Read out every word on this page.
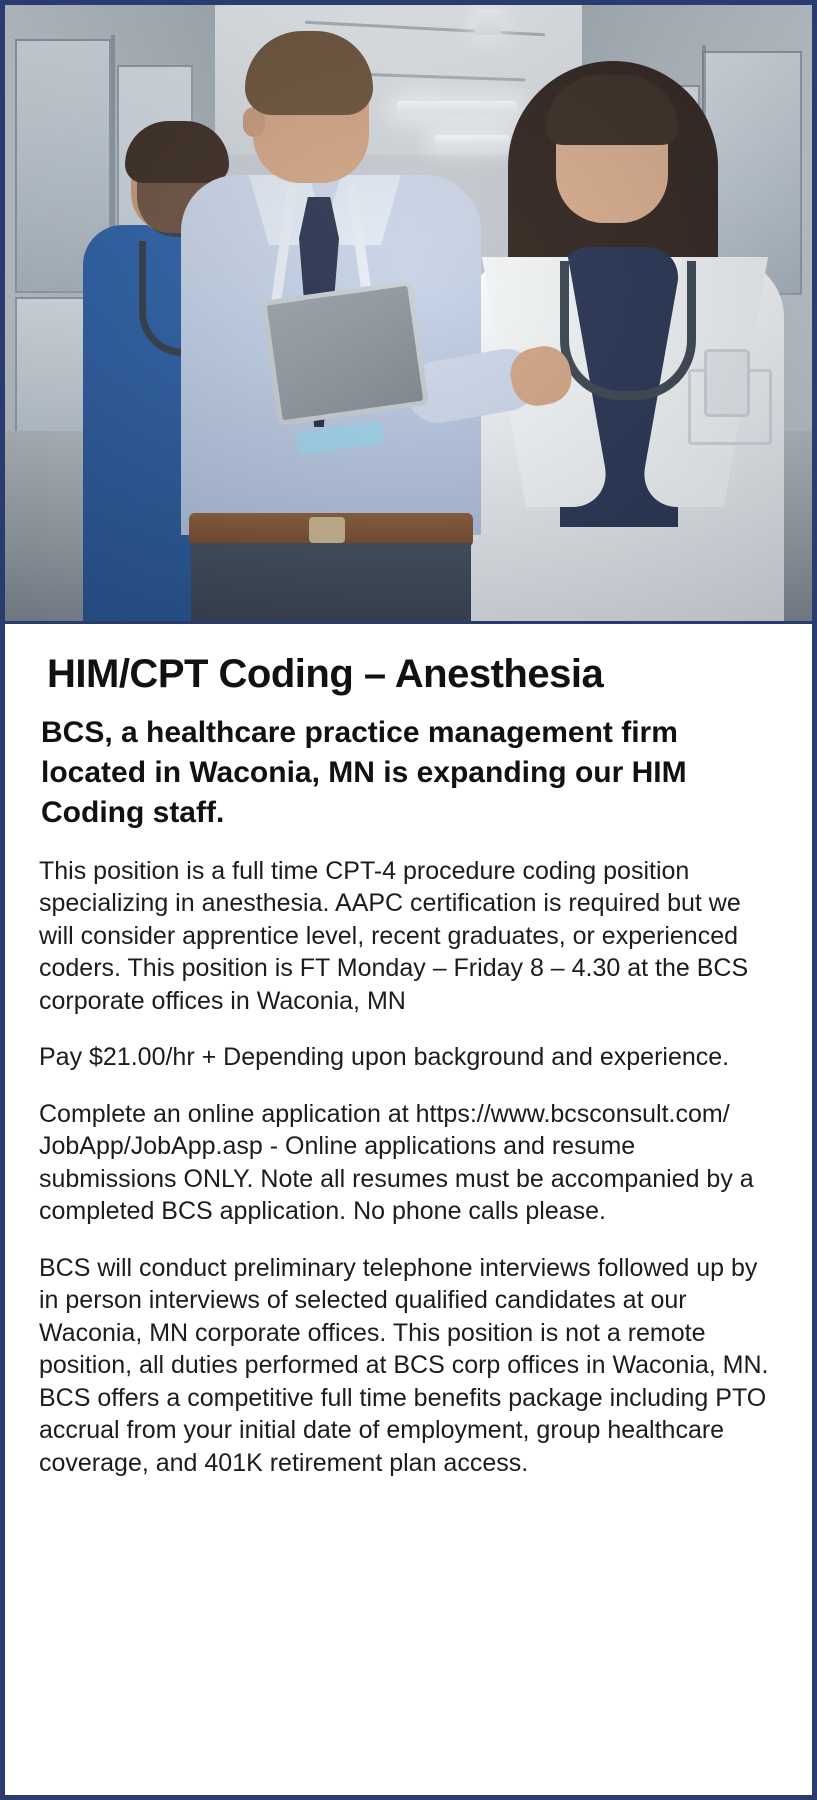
HIM/CPT Coding – Anesthesia
BCS, a healthcare practice management firm located in Waconia, MN is expanding our HIM Coding staff.

This position is a full time CPT-4 procedure coding position specializing in anesthesia. AAPC certification is required but we will consider apprentice level, recent graduates, or experienced coders. This position is FT Monday – Friday 8 – 4.30 at the BCS corporate offices in Waconia, MN

Pay $21.00/hr + Depending upon background and experience.

Complete an online application at https://www.bcsconsult.com/ JobApp/JobApp.asp - Online applications and resume submissions ONLY. Note all resumes must be accompanied by a completed BCS application. No phone calls please.

BCS will conduct preliminary telephone interviews followed up by in person interviews of selected qualified candidates at our Waconia, MN corporate offices. This position is not a remote position, all duties performed at BCS corp offices in Waconia, MN. BCS offers a competitive full time benefits package including PTO accrual from your initial date of employment, group healthcare coverage, and 401K retirement plan access.
